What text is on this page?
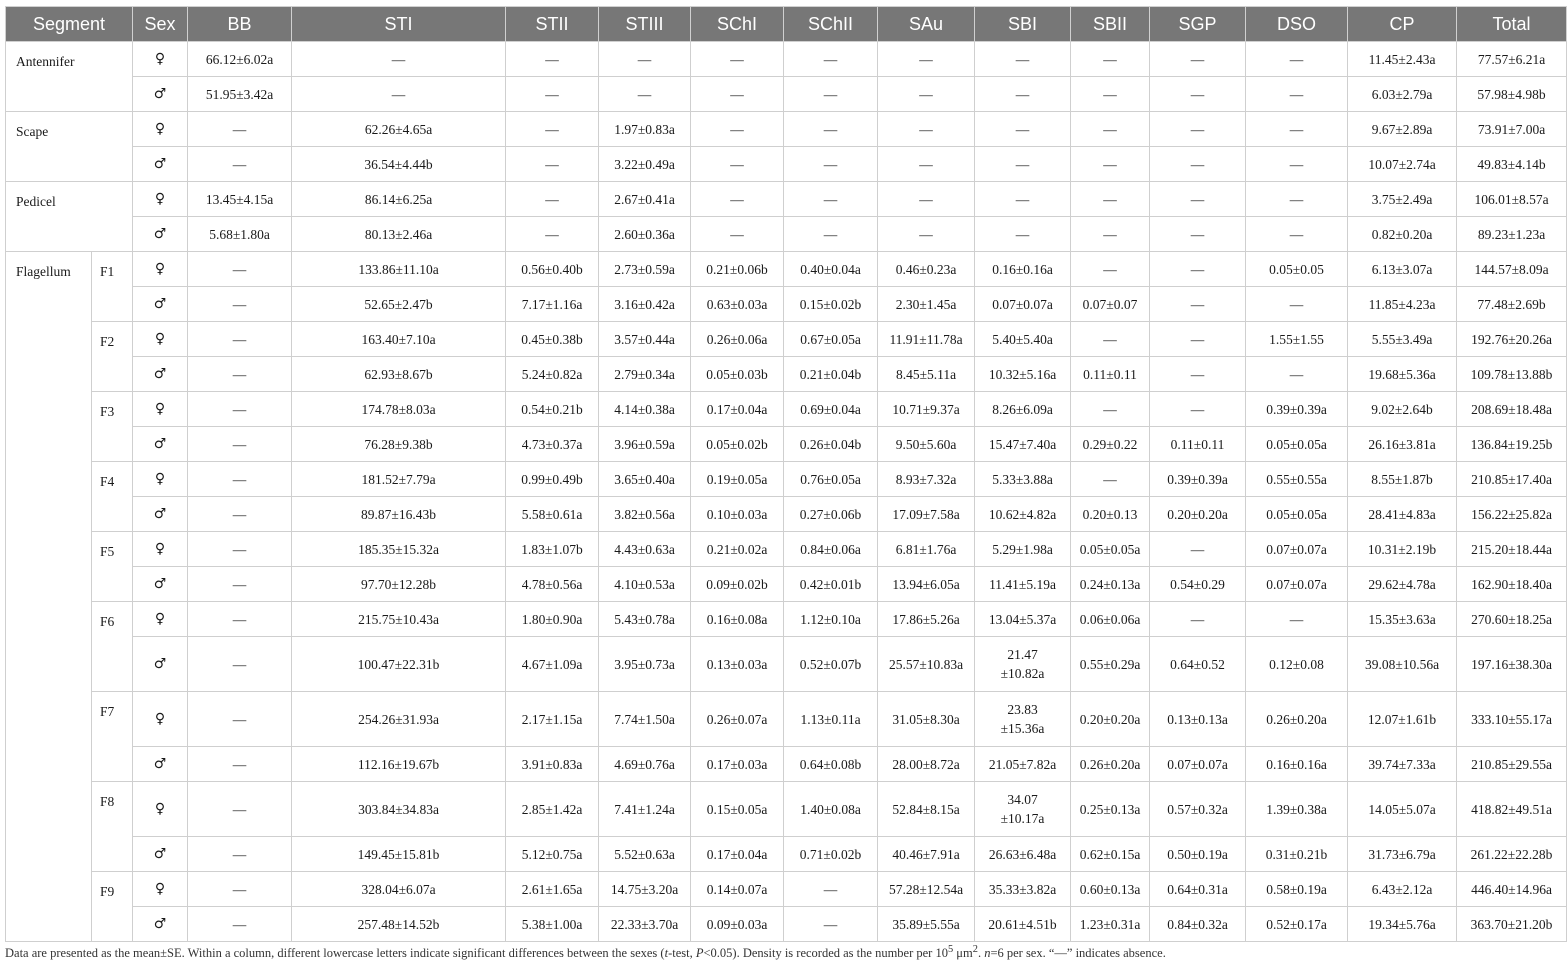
Segment		Sex	BB	STI	STII	STIII	SChI	SChII	SAu	SBI	SBII	SGP	DSO	CP	Total
Antennifer		♀	66.12±6.02a	—	—	—	—	—	—	—	—	—	—	11.45±2.43a	77.57±6.21a
		♂	51.95±3.42a	—	—	—	—	—	—	—	—	—	—	6.03±2.79a	57.98±4.98b
Scape		♀	—	62.26±4.65a	—	1.97±0.83a	—	—	—	—	—	—	—	9.67±2.89a	73.91±7.00a
		♂	—	36.54±4.44b	—	3.22±0.49a	—	—	—	—	—	—	—	10.07±2.74a	49.83±4.14b
Pedicel		♀	13.45±4.15a	86.14±6.25a	—	2.67±0.41a	—	—	—	—	—	—	—	3.75±2.49a	106.01±8.57a
		♂	5.68±1.80a	80.13±2.46a	—	2.60±0.36a	—	—	—	—	—	—	—	0.82±0.20a	89.23±1.23a
Flagellum	F1	♀	—	133.86±11.10a	0.56±0.40b	2.73±0.59a	0.21±0.06b	0.40±0.04a	0.46±0.23a	0.16±0.16a	—	—	0.05±0.05	6.13±3.07a	144.57±8.09a
		♂	—	52.65±2.47b	7.17±1.16a	3.16±0.42a	0.63±0.03a	0.15±0.02b	2.30±1.45a	0.07±0.07a	0.07±0.07	—	—	11.85±4.23a	77.48±2.69b
	F2	♀	—	163.40±7.10a	0.45±0.38b	3.57±0.44a	0.26±0.06a	0.67±0.05a	11.91±11.78a	5.40±5.40a	—	—	1.55±1.55	5.55±3.49a	192.76±20.26a
		♂	—	62.93±8.67b	5.24±0.82a	2.79±0.34a	0.05±0.03b	0.21±0.04b	8.45±5.11a	10.32±5.16a	0.11±0.11	—	—	19.68±5.36a	109.78±13.88b
	F3	♀	—	174.78±8.03a	0.54±0.21b	4.14±0.38a	0.17±0.04a	0.69±0.04a	10.71±9.37a	8.26±6.09a	—	—	0.39±0.39a	9.02±2.64b	208.69±18.48a
		♂	—	76.28±9.38b	4.73±0.37a	3.96±0.59a	0.05±0.02b	0.26±0.04b	9.50±5.60a	15.47±7.40a	0.29±0.22	0.11±0.11	0.05±0.05a	26.16±3.81a	136.84±19.25b
	F4	♀	—	181.52±7.79a	0.99±0.49b	3.65±0.40a	0.19±0.05a	0.76±0.05a	8.93±7.32a	5.33±3.88a	—	0.39±0.39a	0.55±0.55a	8.55±1.87b	210.85±17.40a
		♂	—	89.87±16.43b	5.58±0.61a	3.82±0.56a	0.10±0.03a	0.27±0.06b	17.09±7.58a	10.62±4.82a	0.20±0.13	0.20±0.20a	0.05±0.05a	28.41±4.83a	156.22±25.82a
	F5	♀	—	185.35±15.32a	1.83±1.07b	4.43±0.63a	0.21±0.02a	0.84±0.06a	6.81±1.76a	5.29±1.98a	0.05±0.05a	—	0.07±0.07a	10.31±2.19b	215.20±18.44a
		♂	—	97.70±12.28b	4.78±0.56a	4.10±0.53a	0.09±0.02b	0.42±0.01b	13.94±6.05a	11.41±5.19a	0.24±0.13a	0.54±0.29	0.07±0.07a	29.62±4.78a	162.90±18.40a
	F6	♀	—	215.75±10.43a	1.80±0.90a	5.43±0.78a	0.16±0.08a	1.12±0.10a	17.86±5.26a	13.04±5.37a	0.06±0.06a	—	—	15.35±3.63a	270.60±18.25a
		♂	—	100.47±22.31b	4.67±1.09a	3.95±0.73a	0.13±0.03a	0.52±0.07b	25.57±10.83a	21.47
±10.82a	0.55±0.29a	0.64±0.52	0.12±0.08	39.08±10.56a	197.16±38.30a
	F7	♀	—	254.26±31.93a	2.17±1.15a	7.74±1.50a	0.26±0.07a	1.13±0.11a	31.05±8.30a	23.83
±15.36a	0.20±0.20a	0.13±0.13a	0.26±0.20a	12.07±1.61b	333.10±55.17a
		♂	—	112.16±19.67b	3.91±0.83a	4.69±0.76a	0.17±0.03a	0.64±0.08b	28.00±8.72a	21.05±7.82a	0.26±0.20a	0.07±0.07a	0.16±0.16a	39.74±7.33a	210.85±29.55a
	F8	♀	—	303.84±34.83a	2.85±1.42a	7.41±1.24a	0.15±0.05a	1.40±0.08a	52.84±8.15a	34.07
±10.17a	0.25±0.13a	0.57±0.32a	1.39±0.38a	14.05±5.07a	418.82±49.51a
		♂	—	149.45±15.81b	5.12±0.75a	5.52±0.63a	0.17±0.04a	0.71±0.02b	40.46±7.91a	26.63±6.48a	0.62±0.15a	0.50±0.19a	0.31±0.21b	31.73±6.79a	261.22±22.28b
	F9	♀	—	328.04±6.07a	2.61±1.65a	14.75±3.20a	0.14±0.07a	—	57.28±12.54a	35.33±3.82a	0.60±0.13a	0.64±0.31a	0.58±0.19a	6.43±2.12a	446.40±14.96a
		♂	—	257.48±14.52b	5.38±1.00a	22.33±3.70a	0.09±0.03a	—	35.89±5.55a	20.61±4.51b	1.23±0.31a	0.84±0.32a	0.52±0.17a	19.34±5.76a	363.70±21.20b
Data are presented as the mean±SE. Within a column, different lowercase letters indicate significant differences between the sexes (t-test, P<0.05). Density is recorded as the number per $10^5$ $\mu m^2$. n=6 per sex. “—” indicates absence.
